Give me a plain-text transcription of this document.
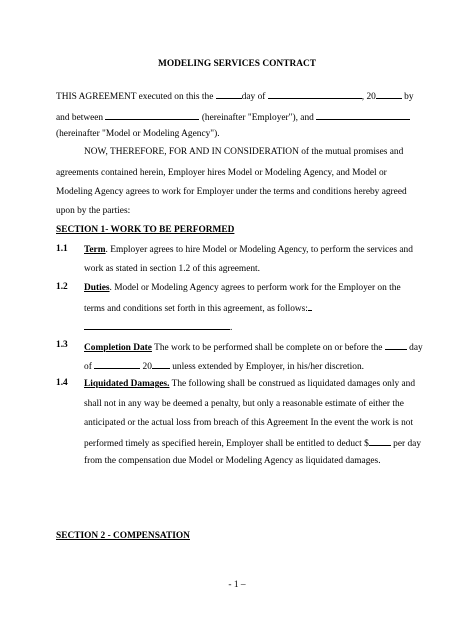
MODELING SERVICES CONTRACT
THIS AGREEMENT executed on this the	day of	, 20	by
and between	(hereinafter "Employer"), and
(hereinafter "Model or Modeling Agency").
NOW, THEREFORE, FOR AND IN CONSIDERATION of the mutual promises and
agreements contained herein, Employer hires Model or Modeling Agency, and Model or
Modeling Agency agrees to work for Employer under the terms and conditions hereby agreed
upon by the parties:
SECTION 1- WORK TO BE PERFORMED
1.1 Term. Employer agrees to hire Model or Modeling Agency, to perform the services and
work as stated in section 1.2 of this agreement.
1.2 Duties. Model or Modeling Agency agrees to perform work for the Employer on the
terms and conditions set forth in this agreement, as follows:
.
1.3 Completion Date The work to be performed shall be complete on or before the  day
of	20 unless extended by Employer, in his/her discretion.
1.4 Liquidated Damages. The following shall be construed as liquidated damages only and
shall not in any way be deemed a penalty, but only a reasonable estimate of either the
anticipated or the actual loss from breach of this Agreement In the event the work is not
performed timely as specified herein, Employer shall be entitled to deduct $ per day
from the compensation due Model or Modeling Agency as liquidated damages.
SECTION 2 - COMPENSATION
- 1 –
